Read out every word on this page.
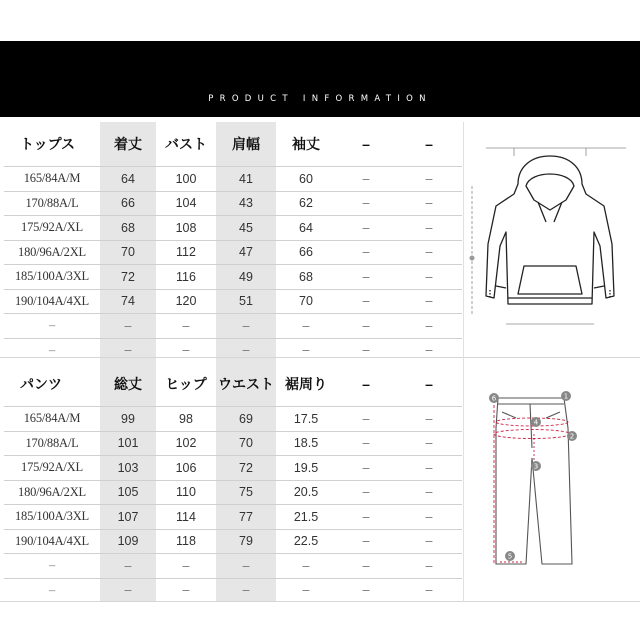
PRODUCT INFORMATION
トップス	着丈	バスト	肩幅	袖丈	–	–
165/84A/M	64	100	41	60	–	–
170/88A/L	66	104	43	62	–	–
175/92A/XL	68	108	45	64	–	–
180/96A/2XL	70	112	47	66	–	–
185/100A/3XL	72	116	49	68	–	–
190/104A/4XL	74	120	51	70	–	–
–	–	–	–	–	–	–
–	–	–	–	–	–	–
パンツ	総丈	ヒップ	ウエスト	裾周り	–	–
165/84A/M	99	98	69	17.5	–	–
170/88A/L	101	102	70	18.5	–	–
175/92A/XL	103	106	72	19.5	–	–
180/96A/2XL	105	110	75	20.5	–	–
185/100A/3XL	107	114	77	21.5	–	–
190/104A/4XL	109	118	79	22.5	–	–
–	–	–	–	–	–	–
–	–	–	–	–	–	–
6	1
4
2
3
5
